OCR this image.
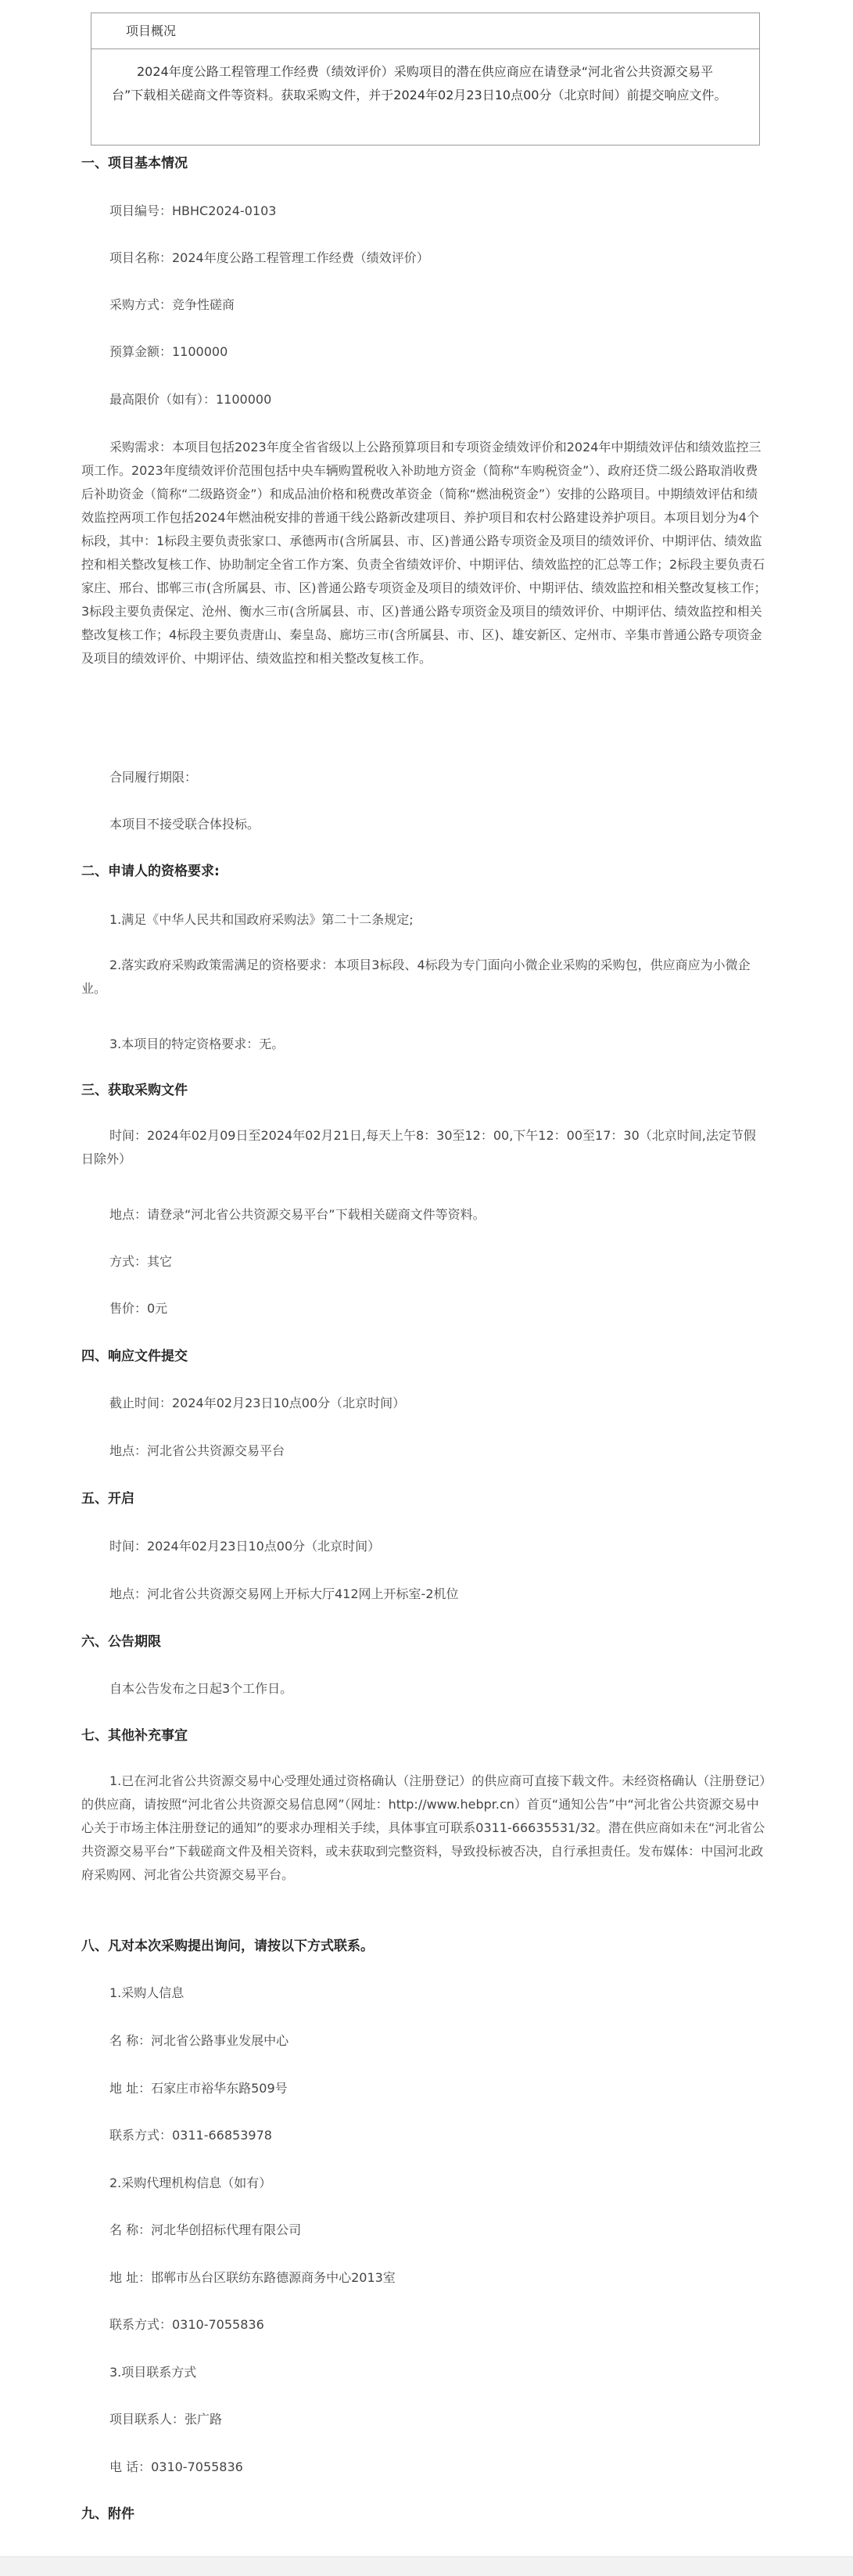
项目概况
2024年度公路工程管理工作经费（绩效评价）采购项目的潜在供应商应在请登录“河北省公共资源交易平台”下载相关磋商文件等资料。获取采购文件，并于2024年02月23日10点00分（北京时间）前提交响应文件。
一、项目基本情况
项目编号：HBHC2024-0103
项目名称：2024年度公路工程管理工作经费（绩效评价）
采购方式：竞争性磋商
预算金额：1100000
最高限价（如有）：1100000
采购需求：本项目包括2023年度全省省级以上公路预算项目和专项资金绩效评价和2024年中期绩效评估和绩效监控三项工作。2023年度绩效评价范围包括中央车辆购置税收入补助地方资金（简称“车购税资金”）、政府还贷二级公路取消收费后补助资金（简称“二级路资金”）和成品油价格和税费改革资金（简称“燃油税资金”）安排的公路项目。中期绩效评估和绩效监控两项工作包括2024年燃油税安排的普通干线公路新改建项目、养护项目和农村公路建设养护项目。本项目划分为4个标段，其中：1标段主要负责张家口、承德两市(含所属县、市、区)普通公路专项资金及项目的绩效评价、中期评估、绩效监控和相关整改复核工作、协助制定全省工作方案、负责全省绩效评价、中期评估、绩效监控的汇总等工作；2标段主要负责石家庄、邢台、邯郸三市(含所属县、市、区)普通公路专项资金及项目的绩效评价、中期评估、绩效监控和相关整改复核工作；3标段主要负责保定、沧州、衡水三市(含所属县、市、区)普通公路专项资金及项目的绩效评价、中期评估、绩效监控和相关整改复核工作；4标段主要负责唐山、秦皇岛、廊坊三市(含所属县、市、区)、雄安新区、定州市、辛集市普通公路专项资金及项目的绩效评价、中期评估、绩效监控和相关整改复核工作。
合同履行期限：
本项目不接受联合体投标。
二、申请人的资格要求:
1.满足《中华人民共和国政府采购法》第二十二条规定;
2.落实政府采购政策需满足的资格要求：本项目3标段、4标段为专门面向小微企业采购的采购包，供应商应为小微企业。
3.本项目的特定资格要求：无。
三、获取采购文件
时间：2024年02月09日至2024年02月21日,每天上午8：30至12：00,下午12：00至17：30（北京时间,法定节假日除外）
地点：请登录“河北省公共资源交易平台”下载相关磋商文件等资料。
方式：其它
售价：0元
四、响应文件提交
截止时间：2024年02月23日10点00分（北京时间）
地点：河北省公共资源交易平台
五、开启
时间：2024年02月23日10点00分（北京时间）
地点：河北省公共资源交易网上开标大厅412网上开标室-2机位
六、公告期限
自本公告发布之日起3个工作日。
七、其他补充事宜
1.已在河北省公共资源交易中心受理处通过资格确认（注册登记）的供应商可直接下载文件。未经资格确认（注册登记）的供应商，请按照“河北省公共资源交易信息网”（网址：http://www.hebpr.cn）首页“通知公告”中“河北省公共资源交易中心关于市场主体注册登记的通知”的要求办理相关手续，具体事宜可联系0311-66635531/32。潜在供应商如未在“河北省公共资源交易平台”下载磋商文件及相关资料，或未获取到完整资料，导致投标被否决，自行承担责任。发布媒体：中国河北政府采购网、河北省公共资源交易平台。
八、凡对本次采购提出询问，请按以下方式联系。
1.采购人信息
名 称：河北省公路事业发展中心
地 址：石家庄市裕华东路509号
联系方式：0311-66853978
2.采购代理机构信息（如有）
名 称：河北华创招标代理有限公司
地 址：邯郸市丛台区联纺东路德源商务中心2013室
联系方式：0310-7055836
3.项目联系方式
项目联系人：张广路
电 话：0310-7055836
九、附件
